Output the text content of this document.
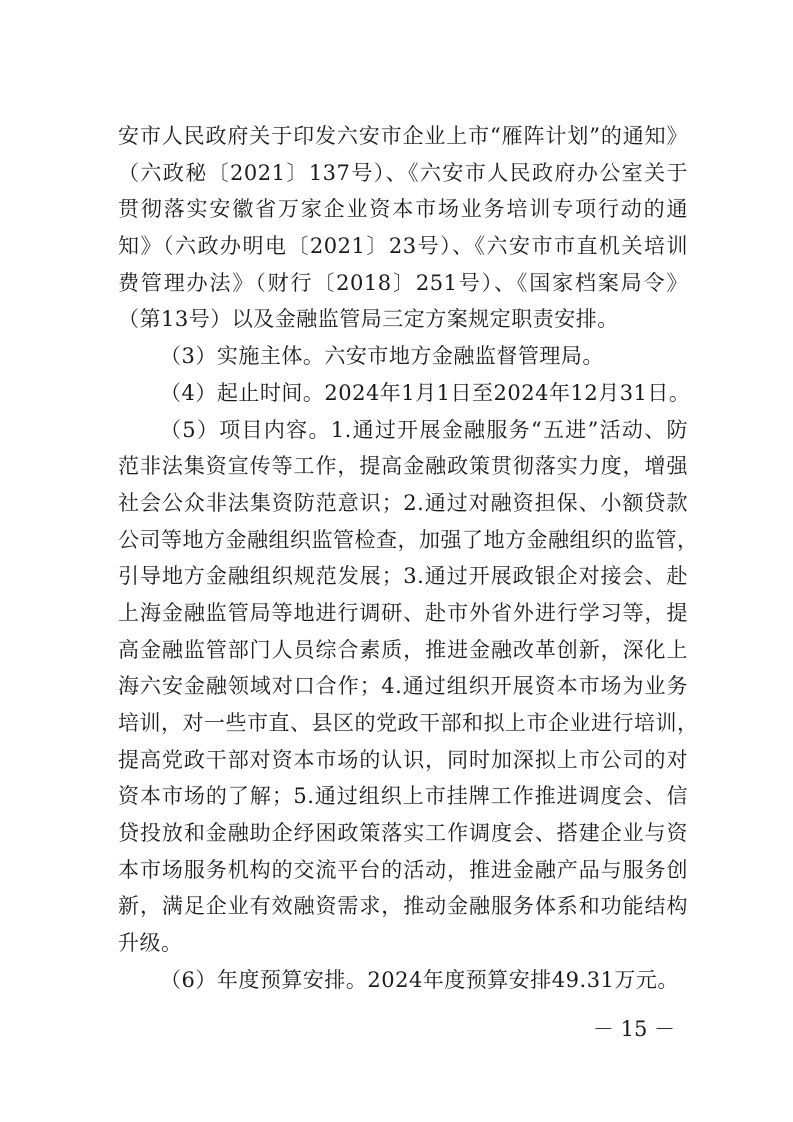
安市人民政府关于印发六安市企业上市“雁阵计划”的通知》
（六政秘〔2021〕137号）、《六安市人民政府办公室关于
贯彻落实安徽省万家企业资本市场业务培训专项行动的通
知》（六政办明电〔2021〕23号）、《六安市市直机关培训
费管理办法》（财行〔2018〕251号）、《国家档案局令》
（第13号）以及金融监管局三定方案规定职责安排。
（3）实施主体。六安市地方金融监督管理局。
（4）起止时间。2024年1月1日至2024年12月31日。
（5）项目内容。1.通过开展金融服务“五进”活动、防
范非法集资宣传等工作，提高金融政策贯彻落实力度，增强
社会公众非法集资防范意识；2.通过对融资担保、小额贷款
公司等地方金融组织监管检查，加强了地方金融组织的监管，
引导地方金融组织规范发展；3.通过开展政银企对接会、赴
上海金融监管局等地进行调研、赴市外省外进行学习等，提
高金融监管部门人员综合素质，推进金融改革创新，深化上
海六安金融领域对口合作；4.通过组织开展资本市场为业务
培训，对一些市直、县区的党政干部和拟上市企业进行培训，
提高党政干部对资本市场的认识，同时加深拟上市公司的对
资本市场的了解；5.通过组织上市挂牌工作推进调度会、信
贷投放和金融助企纾困政策落实工作调度会、搭建企业与资
本市场服务机构的交流平台的活动，推进金融产品与服务创
新，满足企业有效融资需求，推动金融服务体系和功能结构
升级。
（6）年度预算安排。2024年度预算安排49.31万元。
－ 15 －
